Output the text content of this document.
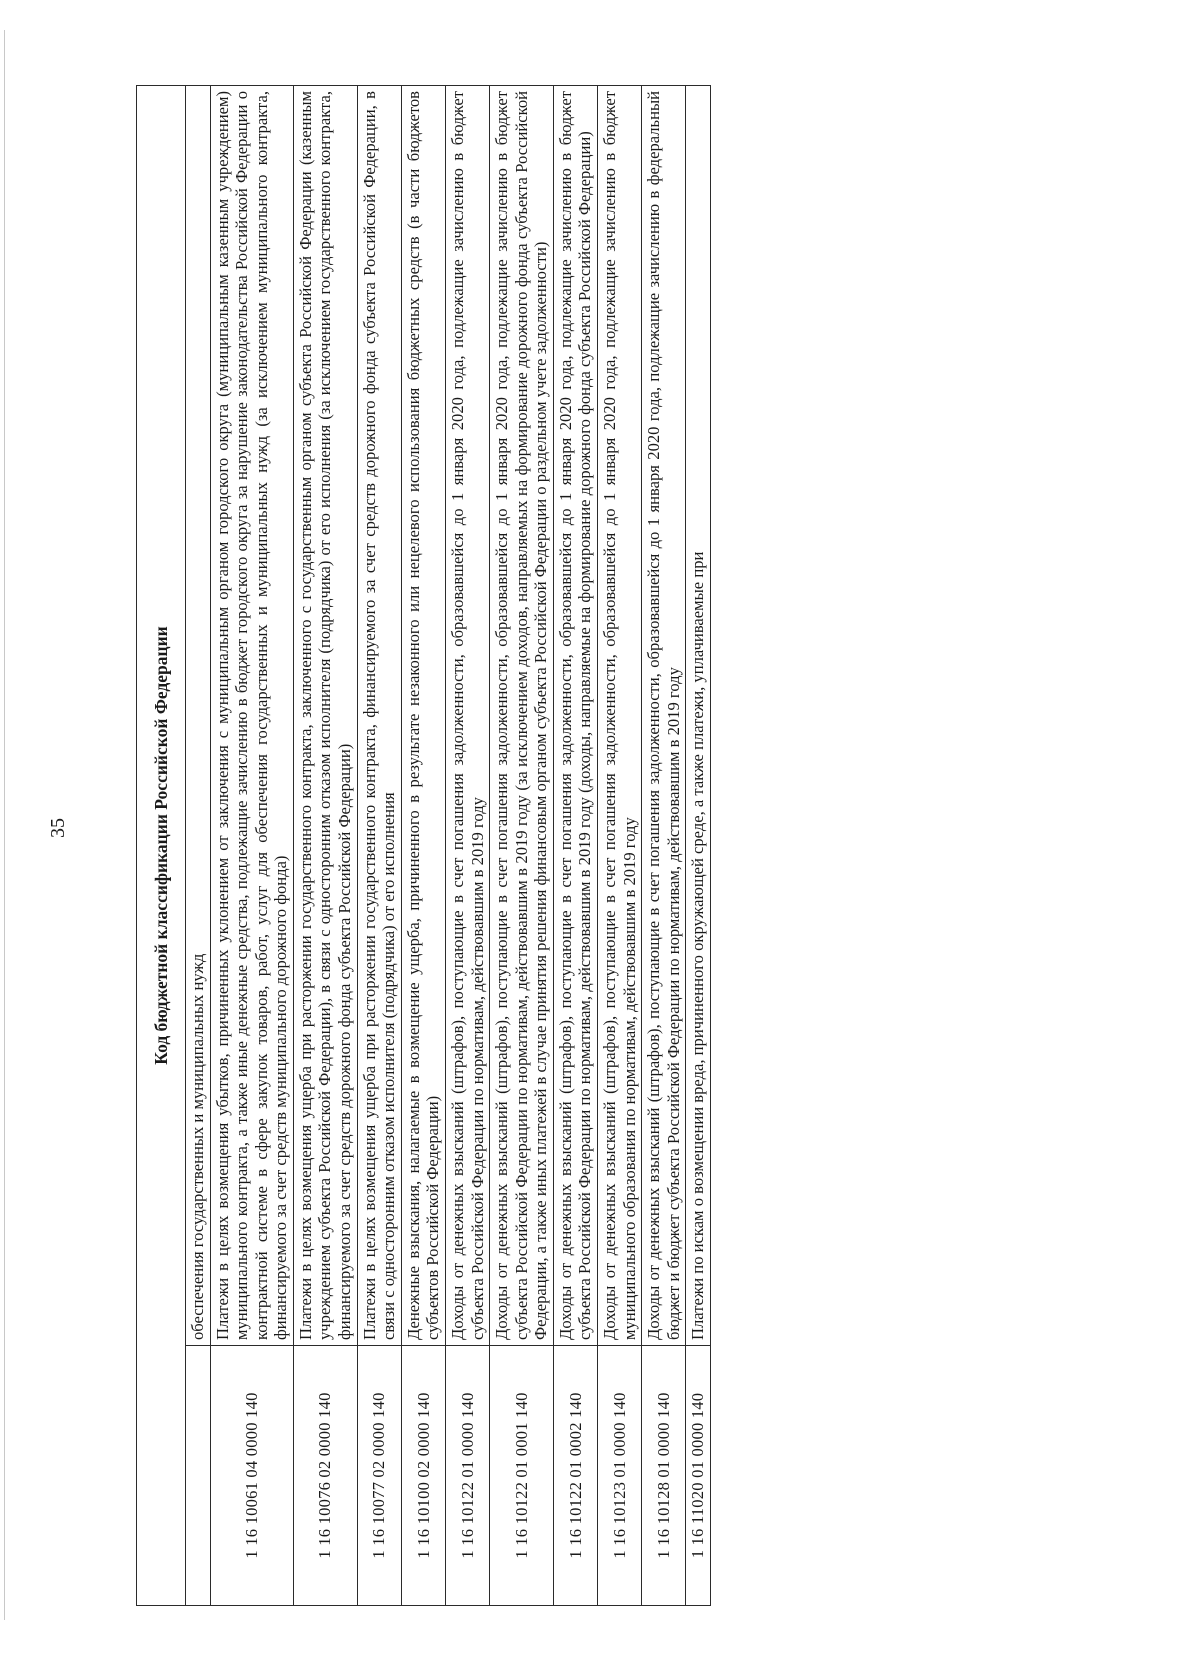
35	Код бюджетной классификации Российской Федерации	
	обеспечения государственных и муниципальных нужд
1 16 10061 04 0000 140	Платежи в целях возмещения убытков, причиненных уклонением от заключения с муниципальным органом городского округа (муниципальным казенным учреждением) муниципального контракта, а также иные денежные средства, подлежащие зачислению в бюджет городского округа за нарушение законодательства Российской Федерации о контрактной системе в сфере закупок товаров, работ, услуг для обеспечения государственных и муниципальных нужд (за исключением муниципального контракта, финансируемого за счет средств муниципального дорожного фонда)
1 16 10076 02 0000 140	Платежи в целях возмещения ущерба при расторжении государственного контракта, заключенного с государственным органом субъекта Российской Федерации (казенным учреждением субъекта Российской Федерации), в связи с односторонним отказом исполнителя (подрядчика) от его исполнения (за исключением государственного контракта, финансируемого за счет средств дорожного фонда субъекта Российской Федерации)
1 16 10077 02 0000 140	Платежи в целях возмещения ущерба при расторжении государственного контракта, финансируемого за счет средств дорожного фонда субъекта Российской Федерации, в связи с односторонним отказом исполнителя (подрядчика) от его исполнения
1 16 10100 02 0000 140	Денежные взыскания, налагаемые в возмещение ущерба, причиненного в результате незаконного или нецелевого использования бюджетных средств (в части бюджетов субъектов Российской Федерации)
1 16 10122 01 0000 140	Доходы от денежных взысканий (штрафов), поступающие в счет погашения задолженности, образовавшейся до 1 января 2020 года, подлежащие зачислению в бюджет субъекта Российской Федерации по нормативам, действовавшим в 2019 году
1 16 10122 01 0001 140	Доходы от денежных взысканий (штрафов), поступающие в счет погашения задолженности, образовавшейся до 1 января 2020 года, подлежащие зачислению в бюджет субъекта Российской Федерации по нормативам, действовавшим в 2019 году (за исключением доходов, направляемых на формирование дорожного фонда субъекта Российской Федерации, а также иных платежей в случае принятия решения финансовым органом субъекта Российской Федерации о раздельном учете задолженности)
1 16 10122 01 0002 140	Доходы от денежных взысканий (штрафов), поступающие в счет погашения задолженности, образовавшейся до 1 января 2020 года, подлежащие зачислению в бюджет субъекта Российской Федерации по нормативам, действовавшим в 2019 году (доходы, направляемые на формирование дорожного фонда субъекта Российской Федерации)
1 16 10123 01 0000 140	Доходы от денежных взысканий (штрафов), поступающие в счет погашения задолженности, образовавшейся до 1 января 2020 года, подлежащие зачислению в бюджет муниципального образования по нормативам, действовавшим в 2019 году
1 16 10128 01 0000 140	Доходы от денежных взысканий (штрафов), поступающие в счет погашения задолженности, образовавшейся до 1 января 2020 года, подлежащие зачислению в федеральный бюджет и бюджет субъекта Российской Федерации по нормативам, действовавшим в 2019 году
1 16 11020 01 0000 140	Платежи по искам о возмещении вреда, причиненного окружающей среде, а также платежи, уплачиваемые при
